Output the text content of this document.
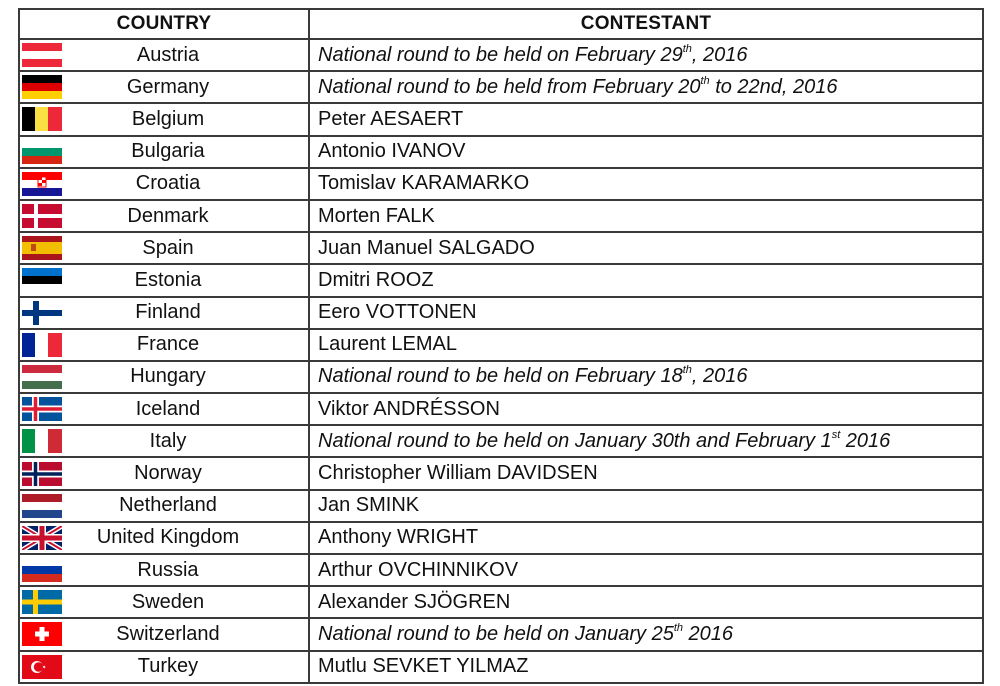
COUNTRY	CONTESTANT

Austria	National round to be held on February 29th, 2016

Germany	National round to be held from February 20th to 22nd, 2016

Belgium	Peter AESAERT

Bulgaria	Antonio IVANOV

Croatia	Tomislav KARAMARKO

Denmark	Morten FALK

Spain	Juan Manuel SALGADO

Estonia	Dmitri ROOZ

Finland	Eero VOTTONEN

France	Laurent LEMAL

Hungary	National round to be held on February 18th, 2016

Iceland	Viktor ANDRÉSSON

Italy	National round to be held on January 30th and February 1st 2016

Norway	Christopher William DAVIDSEN

Netherland	Jan SMINK

United Kingdom	Anthony WRIGHT

Russia	Arthur OVCHINNIKOV

Sweden	Alexander SJÖGREN

Switzerland	National round to be held on January 25th 2016

Turkey	Mutlu SEVKET YILMAZ
